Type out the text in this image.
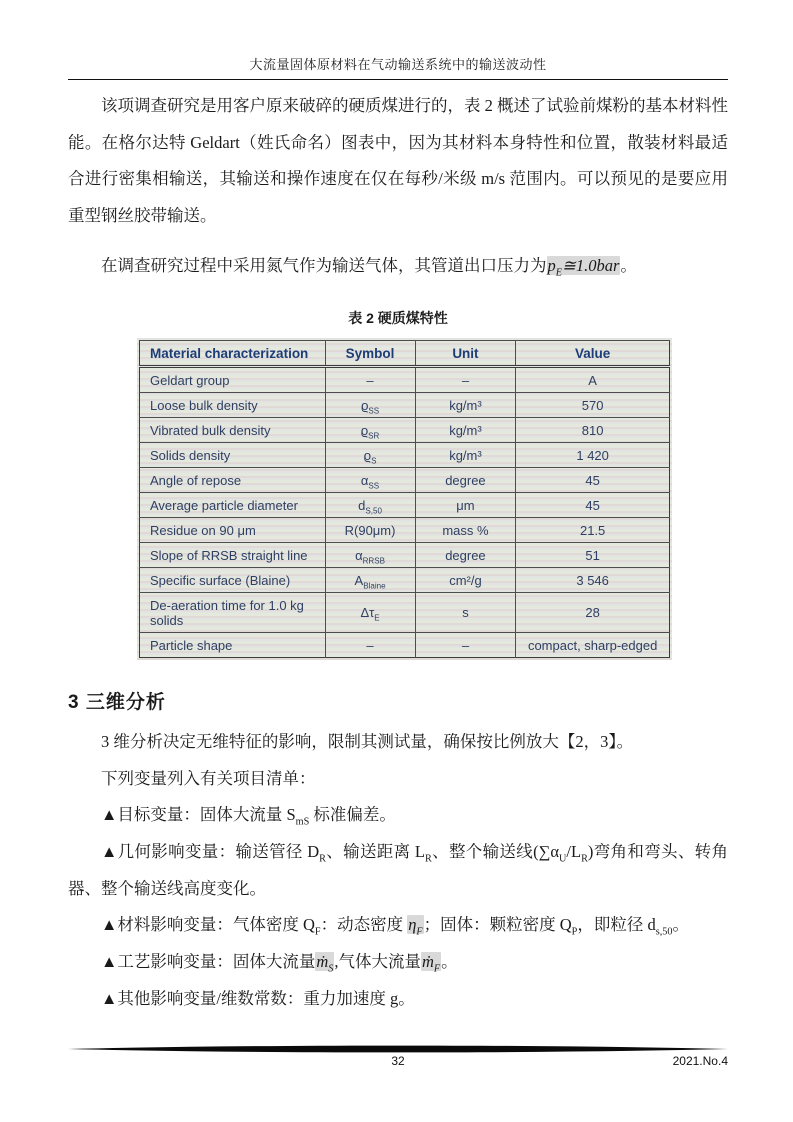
大流量固体原材料在气动输送系统中的输送波动性

该项调查研究是用客户原来破碎的硬质煤进行的，表 2 概述了试验前煤粉的基本材料性能。在格尔达特 Geldart（姓氏命名）图表中，因为其材料本身特性和位置，散装材料最适合进行密集相输送，其输送和操作速度在仅在每秒/米级 m/s 范围内。可以预见的是要应用重型钢丝胶带输送。

在调查研究过程中采用氮气作为输送气体，其管道出口压力为$p_E≅1.0bar$。

表 2 硬质煤特性
Material characterization	Symbol	Unit	Value
Geldart group	–	–	A
Loose bulk density	$ϱ_{SS}$	kg/m³	570
Vibrated bulk density	$ϱ_{SR}$	kg/m³	810
Solids density	$ϱ_S$	kg/m³	1 420
Angle of repose	$\alpha_{SS}$	degree	45
Average particle diameter	$d_{S,50}$	μm	45
Residue on 90 μm	R(90μm)	mass %	21.5
Slope of RRSB straight line	$\alpha_{RRSB}$	degree	51
Specific surface (Blaine)	$A_{Blaine}$	cm²/g	3 546
De-aeration time for 1.0 kg solids	$\Delta\tau_E$	s	28
Particle shape	–	–	compact, sharp-edged
3 三维分析

3 维分析决定无维特征的影响，限制其测试量，确保按比例放大【2，3】。

下列变量列入有关项目清单：

▲目标变量：固体大流量 $S_{mS}$ 标准偏差。

▲几何影响变量：输送管径 $D_R$、输送距离 $L_R$、整个输送线$(\sum\alpha_U/L_R)$弯角和弯头、转角器、整个输送线高度变化。

▲材料影响变量：气体密度 $Q_F$：动态密度 $\eta_F$；固体：颗粒密度 $Q_P$，即粒径 $d_{s,50}$。

▲工艺影响变量：固体大流量ṁ$_S$,气体大流量ṁ$_F$。

▲其他影响变量/维数常数：重力加速度 g。

32	2021.No.4
